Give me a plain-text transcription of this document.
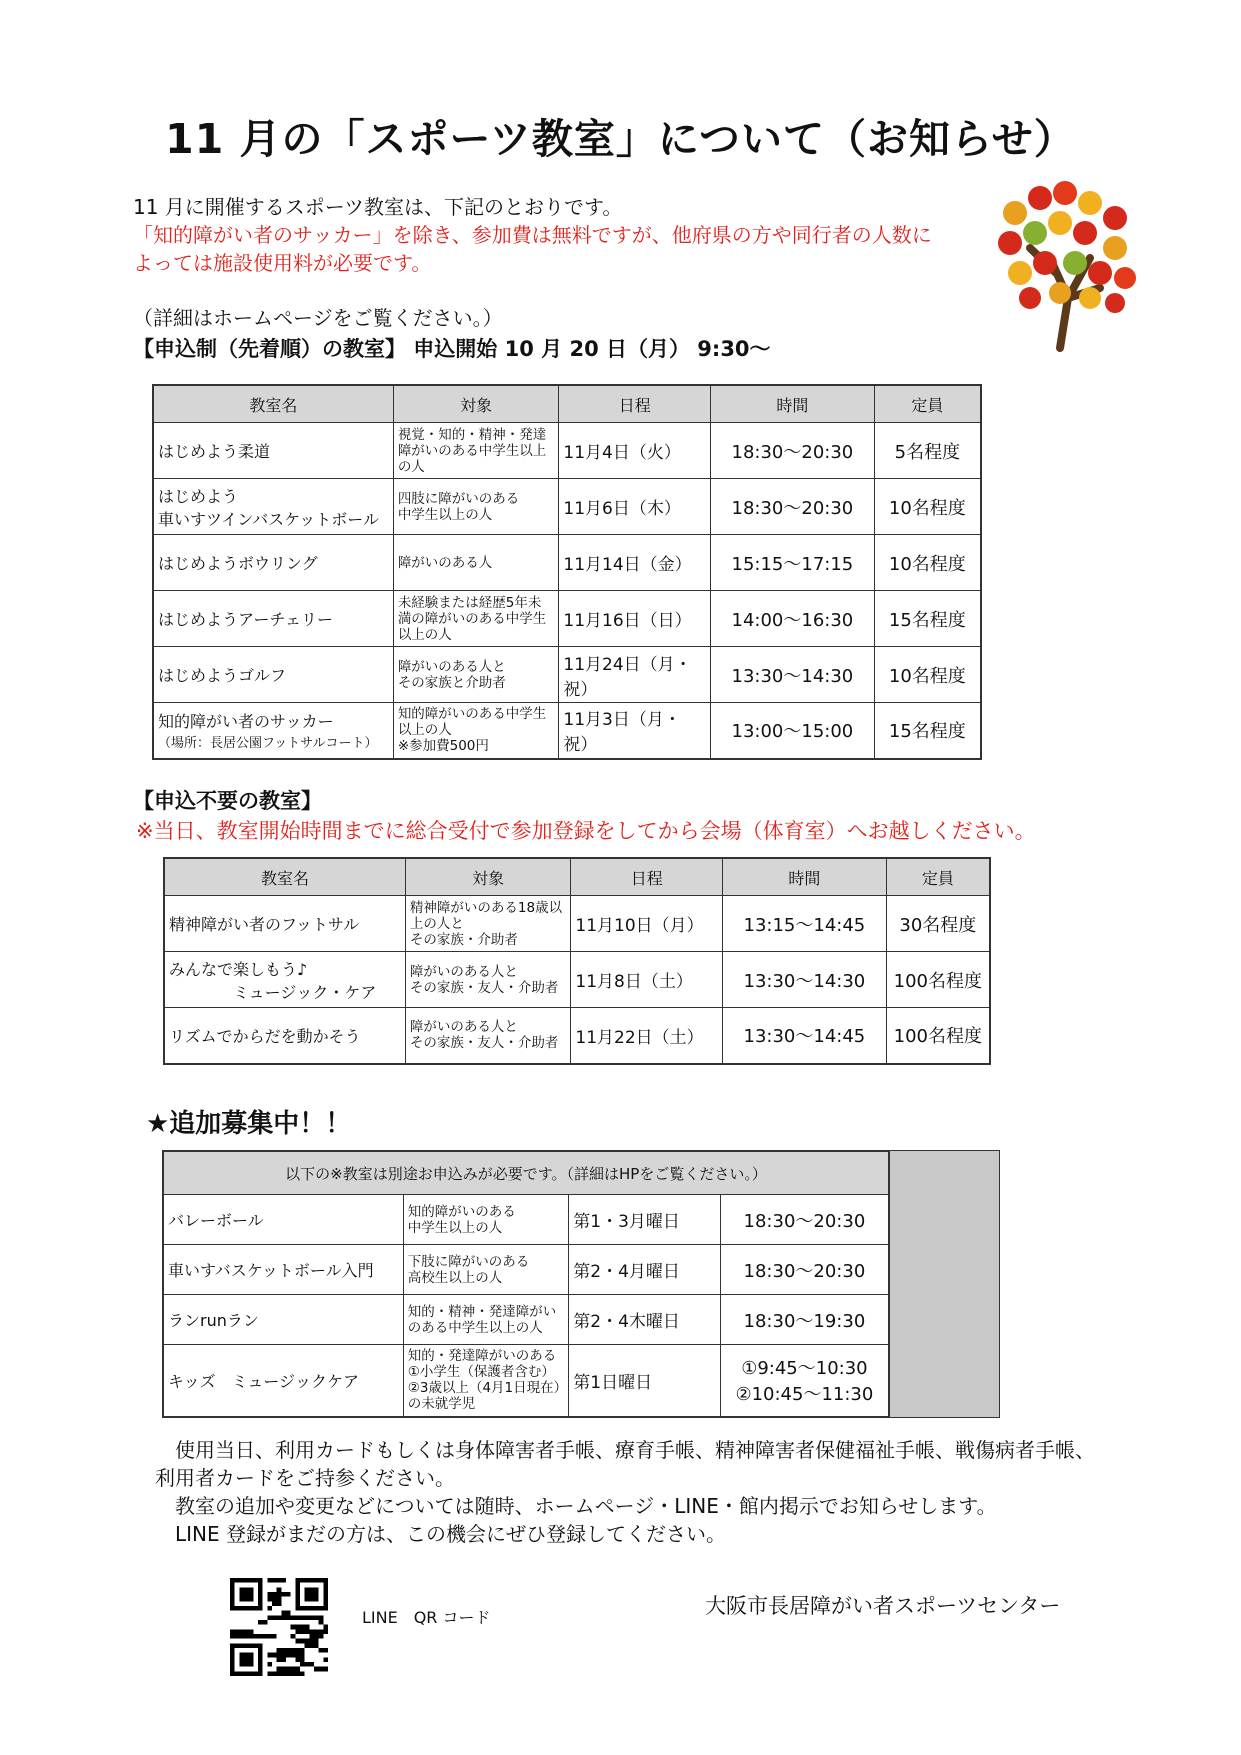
11 月の「スポーツ教室」について（お知らせ）
11 月に開催するスポーツ教室は、下記のとおりです。
「知的障がい者のサッカー」を除き、参加費は無料ですが、他府県の方や同行者の人数に
よっては施設使用料が必要です。
（詳細はホームページをご覧ください。）
【申込制（先着順）の教室】 申込開始 10 月 20 日（月） 9:30～
教室名	対象	日程	時間	定員
はじめよう柔道	視覚・知的・精神・発達障がいのある中学生以上の人	11月4日（火）	18:30～20:30	5名程度
はじめよう
車いすツインバスケットボール	四肢に障がいのある
中学生以上の人	11月6日（木）	18:30～20:30	10名程度
はじめようボウリング	障がいのある人	11月14日（金）	15:15～17:15	10名程度
はじめようアーチェリー	未経験または経歴5年未満の障がいのある中学生以上の人	11月16日（日）	14:00～16:30	15名程度
はじめようゴルフ	障がいのある人と
その家族と介助者	11月24日（月・祝）	13:30～14:30	10名程度
知的障がい者のサッカー
（場所：長居公園フットサルコート）	知的障がいのある中学生以上の人
※参加費500円	11月3日（月・祝）	13:00～15:00	15名程度
【申込不要の教室】
※当日、教室開始時間までに総合受付で参加登録をしてから会場（体育室）へお越しください。
教室名	対象	日程	時間	定員
精神障がい者のフットサル	精神障がいのある18歳以上の人と
その家族・介助者	11月10日（月）	13:15～14:45	30名程度
みんなで楽しもう♪
　　　　ミュージック・ケア	障がいのある人と
その家族・友人・介助者	11月8日（土）	13:30～14:30	100名程度
リズムでからだを動かそう	障がいのある人と
その家族・友人・介助者	11月22日（土）	13:30～14:45	100名程度
★追加募集中！！
以下の※教室は別途お申込みが必要です。（詳細はHPをご覧ください。）			
バレーボール	知的障がいのある
中学生以上の人	第1・3月曜日	18:30～20:30
車いすバスケットボール入門	下肢に障がいのある
高校生以上の人	第2・4月曜日	18:30～20:30
ランrunラン	知的・精神・発達障がいのある中学生以上の人	第2・4木曜日	18:30～19:30
キッズ　ミュージックケア	知的・発達障がいのある
①小学生（保護者含む）
②3歳以上（4月1日現在）の未就学児	第1日曜日	①9:45～10:30
②10:45～11:30
使用当日、利用カードもしくは身体障害者手帳、療育手帳、精神障害者保健福祉手帳、戦傷病者手帳、
利用者カードをご持参ください。
教室の追加や変更などについては随時、ホームページ・LINE・館内掲示でお知らせします。
LINE 登録がまだの方は、この機会にぜひ登録してください。
LINE　QR コード	大阪市長居障がい者スポーツセンター
